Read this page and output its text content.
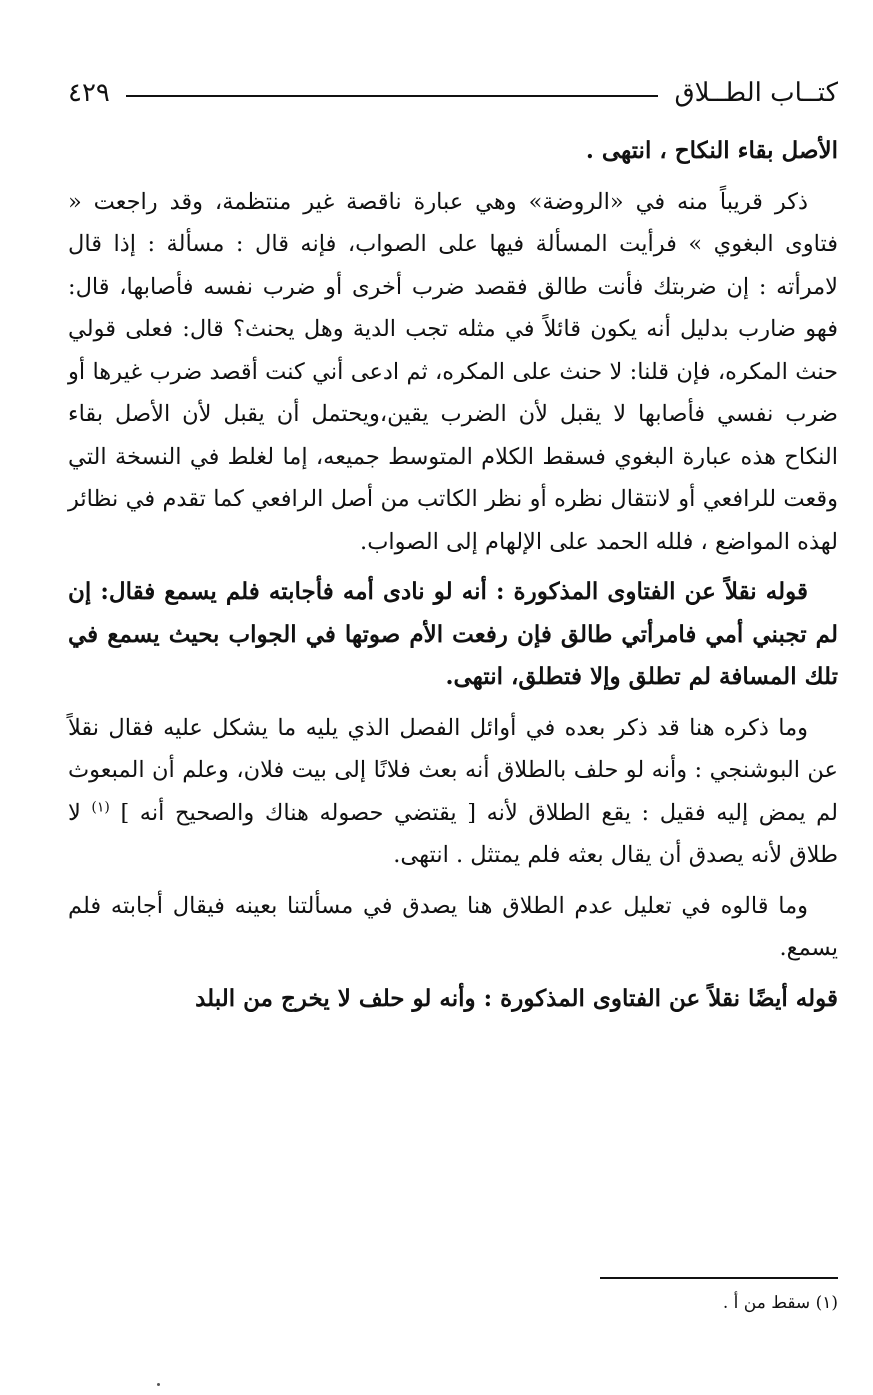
كتــاب الطــلاق
٤٢٩

الأصل بقاء النكاح ، انتهى .

ذكر قريباً منه في «الروضة» وهي عبارة ناقصة غير منتظمة، وقد راجعت « فتاوى البغوي » فرأيت المسألة فيها على الصواب، فإنه قال : مسألة : إذا قال لامرأته : إن ضربتك فأنت طالق فقصد ضرب أخرى أو ضرب نفسه فأصابها، قال: فهو ضارب بدليل أنه يكون قائلاً في مثله تجب الدية وهل يحنث؟ قال: فعلى قولي حنث المكره، فإن قلنا: لا حنث على المكره، ثم ادعى أني كنت أقصد ضرب غيرها أو ضرب نفسي فأصابها لا يقبل لأن الضرب يقين،ويحتمل أن يقبل لأن الأصل بقاء النكاح هذه عبارة البغوي فسقط الكلام المتوسط جميعه، إما لغلط في النسخة التي وقعت للرافعي أو لانتقال نظره أو نظر الكاتب من أصل الرافعي كما تقدم في نظائر لهذه المواضع ، فلله الحمد على الإلهام إلى الصواب.

قوله نقلاً عن الفتاوى المذكورة : أنه لو نادى أمه فأجابته فلم يسمع فقال: إن لم تجبني أمي فامرأتي طالق فإن رفعت الأم صوتها في الجواب بحيث يسمع في تلك المسافة لم تطلق وإلا فتطلق، انتهى.

وما ذكره هنا قد ذكر بعده في أوائل الفصل الذي يليه ما يشكل عليه فقال نقلاً عن البوشنجي : وأنه لو حلف بالطلاق أنه بعث فلانًا إلى بيت فلان، وعلم أن المبعوث لم يمض إليه فقيل : يقع الطلاق لأنه [ يقتضي حصوله هناك والصحيح أنه ] $^{(١)}$ لا طلاق لأنه يصدق أن يقال بعثه فلم يمتثل . انتهى.

وما قالوه في تعليل عدم الطلاق هنا يصدق في مسألتنا بعينه فيقال أجابته فلم يسمع.

قوله أيضًا نقلاً عن الفتاوى المذكورة : وأنه لو حلف لا يخرج من البلد

(١) سقط من أ .
